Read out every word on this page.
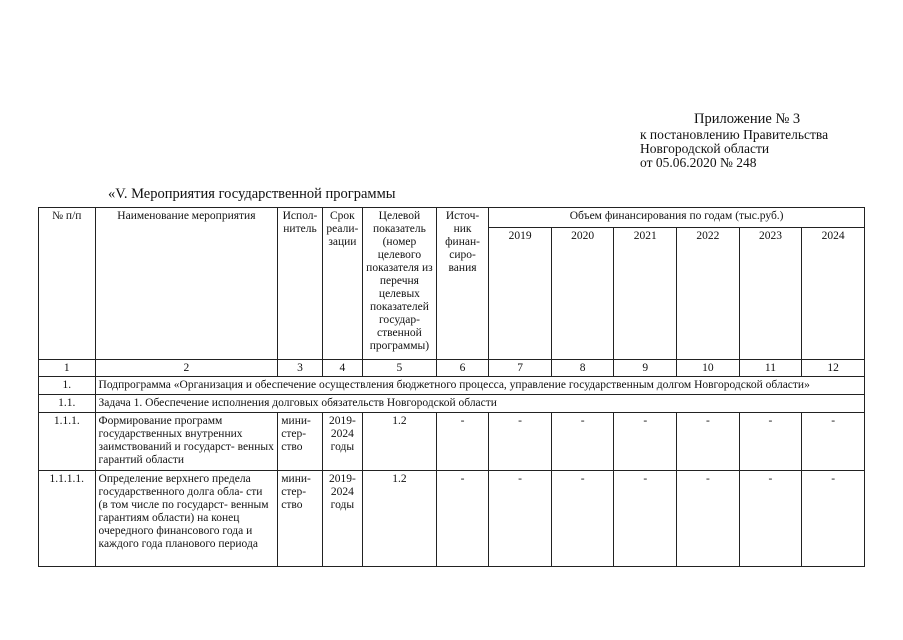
Приложение № 3
к постановлению Правительства
Новгородской области
от 05.06.2020 № 248
«V. Мероприятия государственной программы
№ п/п	Наименование мероприятия	Испол- нитель	Срок реали- зации	Целевой показатель (номер целевого показателя из перечня целевых показателей государ- ственной программы)	Источ- ник финан- сиро- вания	Объем финансирования по годам (тыс.руб.)					
						2019	2020	2021	2022	2023	2024
1	2	3	4	5	6	7	8	9	10	11	12
1.	Подпрограмма «Организация и обеспечение осуществления бюджетного процесса, управление государственным долгом Новгородской области»										
1.1.	Задача 1. Обеспечение исполнения долговых обязательств Новгородской области										
1.1.1.	Формирование программ государственных внутренних заимствований и государст- венных гарантий области	мини- стер- ство	2019- 2024 годы	1.2	-	-	-	-	-	-	-
1.1.1.1.	Определение верхнего предела государственного долга обла- сти (в том числе по государст- венным гарантиям области) на конец очередного финансового года и каждого года планового периода	мини- стер- ство	2019- 2024 годы	1.2	-	-	-	-	-	-	-
